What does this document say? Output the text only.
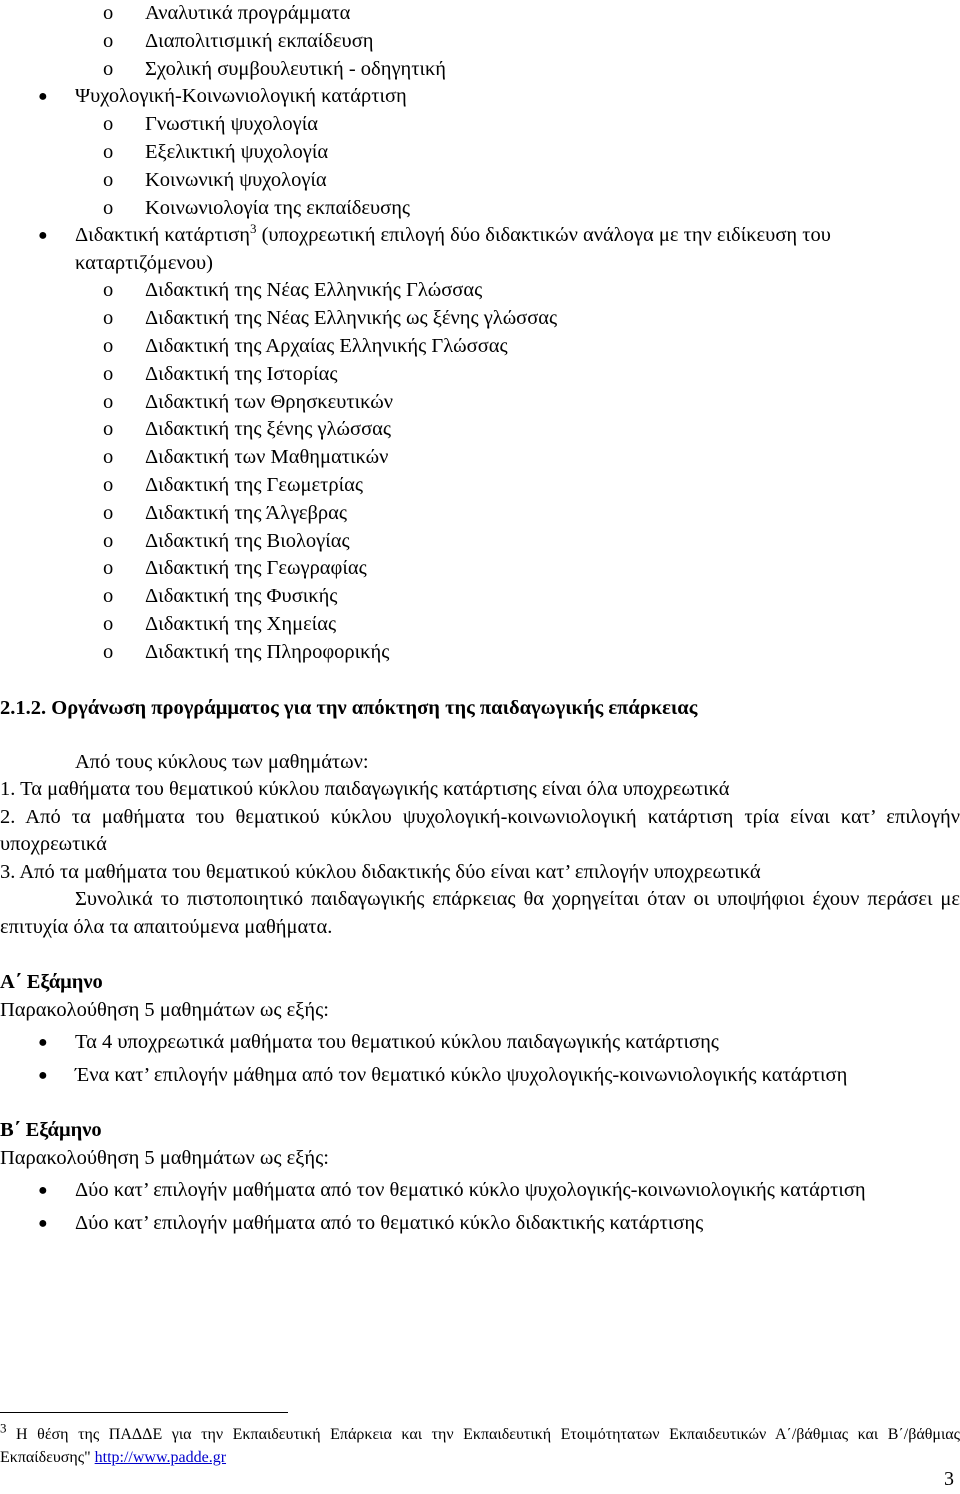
o Αναλυτικά προγράμματα
o Διαπολιτισμική εκπαίδευση
o Σχολική συμβουλευτική - οδηγητική
● Ψυχολογική-Κοινωνιολογική κατάρτιση
o Γνωστική ψυχολογία
o Εξελικτική ψυχολογία
o Κοινωνική ψυχολογία
o Κοινωνιολογία της εκπαίδευσης
●	Διδακτική κατάρτιση$^3$ (υποχρεωτική επιλογή δύο διδακτικών ανάλογα με την ειδίκευση του καταρτιζόμενου)
o Διδακτική της Νέας Ελληνικής Γλώσσας
o Διδακτική της Νέας Ελληνικής ως ξένης γλώσσας
o Διδακτική της Αρχαίας Ελληνικής Γλώσσας
o Διδακτική της Ιστορίας
o Διδακτική των Θρησκευτικών
o Διδακτική της ξένης γλώσσας
o Διδακτική των Μαθηματικών
o Διδακτική της Γεωμετρίας
o Διδακτική της Άλγεβρας
o Διδακτική της Βιολογίας
o Διδακτική της Γεωγραφίας
o Διδακτική της Φυσικής
o Διδακτική της Χημείας
o Διδακτική της Πληροφορικής
2.1.2. Οργάνωση προγράμματος για την απόκτηση της παιδαγωγικής επάρκειας
Από τους κύκλους των μαθημάτων:
1. Τα μαθήματα του θεματικού κύκλου παιδαγωγικής κατάρτισης είναι όλα υποχρεωτικά
2. Από τα μαθήματα του θεματικού κύκλου ψυχολογική-κοινωνιολογική κατάρτιση τρία είναι κατ’ επιλογήν υποχρεωτικά
3. Από τα μαθήματα του θεματικού κύκλου διδακτικής δύο είναι κατ’ επιλογήν υποχρεωτικά
Συνολικά το πιστοποιητικό παιδαγωγικής επάρκειας θα χορηγείται όταν οι υποψήφιοι έχουν περάσει με επιτυχία όλα τα απαιτούμενα μαθήματα.
Α΄ Εξάμηνο
Παρακολούθηση 5 μαθημάτων ως εξής:
● Τα 4 υποχρεωτικά μαθήματα του θεματικού κύκλου παιδαγωγικής κατάρτισης
● Ένα κατ’ επιλογήν μάθημα από τον θεματικό κύκλο ψυχολογικής-κοινωνιολογικής κατάρτιση
Β΄ Εξάμηνο
Παρακολούθηση 5 μαθημάτων ως εξής:
● Δύο κατ’ επιλογήν μαθήματα από τον θεματικό κύκλο ψυχολογικής-κοινωνιολογικής κατάρτιση
● Δύο κατ’ επιλογήν μαθήματα από το θεματικό κύκλο διδακτικής κατάρτισης
$^3$ Η θέση της ΠΑΔΔΕ για την Εκπαιδευτική Επάρκεια και την Εκπαιδευτική Ετοιμότητατων Εκπαιδευτικών Α΄/βάθμιας και Β΄/βάθμιας Εκπαίδευσης" http://www.padde.gr
3
